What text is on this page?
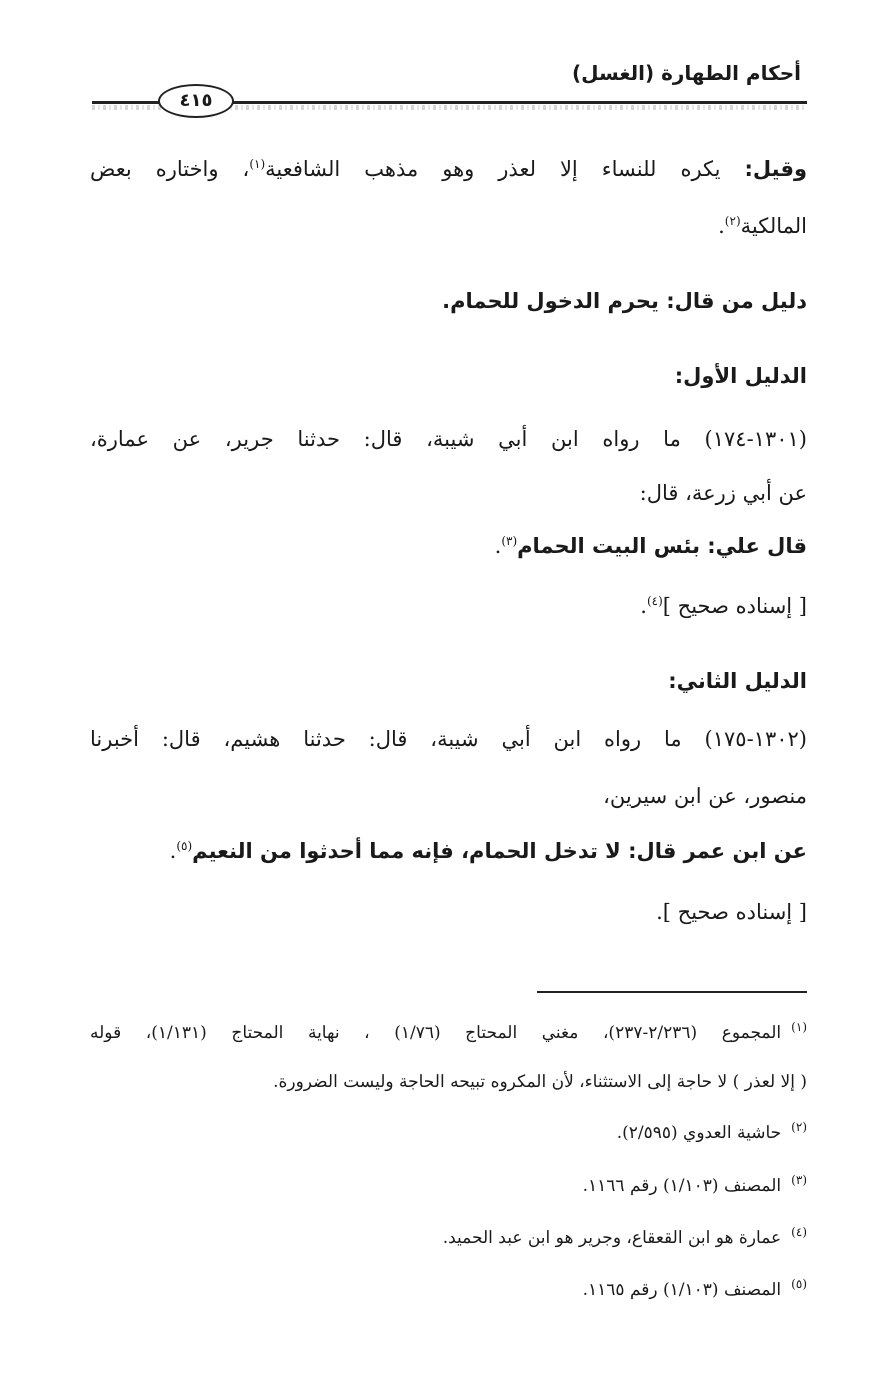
أحكام الطهارة (الغسل)
٤١٥
وقيل: يكره للنساء إلا لعذر وهو مذهب الشافعية$^{(١)}$، واختاره بعض
المالكية$^{(٢)}$.
دليل من قال: يحرم الدخول للحمام.
الدليل الأول:
(١٣٠١-١٧٤) ما رواه ابن أبي شيبة، قال: حدثنا جرير، عن عمارة،
عن أبي زرعة، قال:
قال علي: بئس البيت الحمام$^{(٣)}$.
[ إسناده صحيح ]$^{(٤)}$.
الدليل الثاني:
(١٣٠٢-١٧٥) ما رواه ابن أبي شيبة، قال: حدثنا هشيم، قال: أخبرنا
منصور، عن ابن سيرين،
عن ابن عمر قال: لا تدخل الحمام، فإنه مما أحدثوا من النعيم$^{(٥)}$.
[ إسناده صحيح ].
$^{(١)}$المجموع (٢/٢٣٦-٢٣٧)، مغني المحتاج (١/٧٦) ، نهاية المحتاج (١/١٣١)، قوله
( إلا لعذر ) لا حاجة إلى الاستثناء، لأن المكروه تبيحه الحاجة وليست الضرورة.
$^{(٢)}$حاشية العدوي (٢/٥٩٥).
$^{(٣)}$المصنف (١/١٠٣) رقم ١١٦٦.
$^{(٤)}$عمارة هو ابن القعقاع، وجرير هو ابن عبد الحميد.
$^{(٥)}$المصنف (١/١٠٣) رقم ١١٦٥.
